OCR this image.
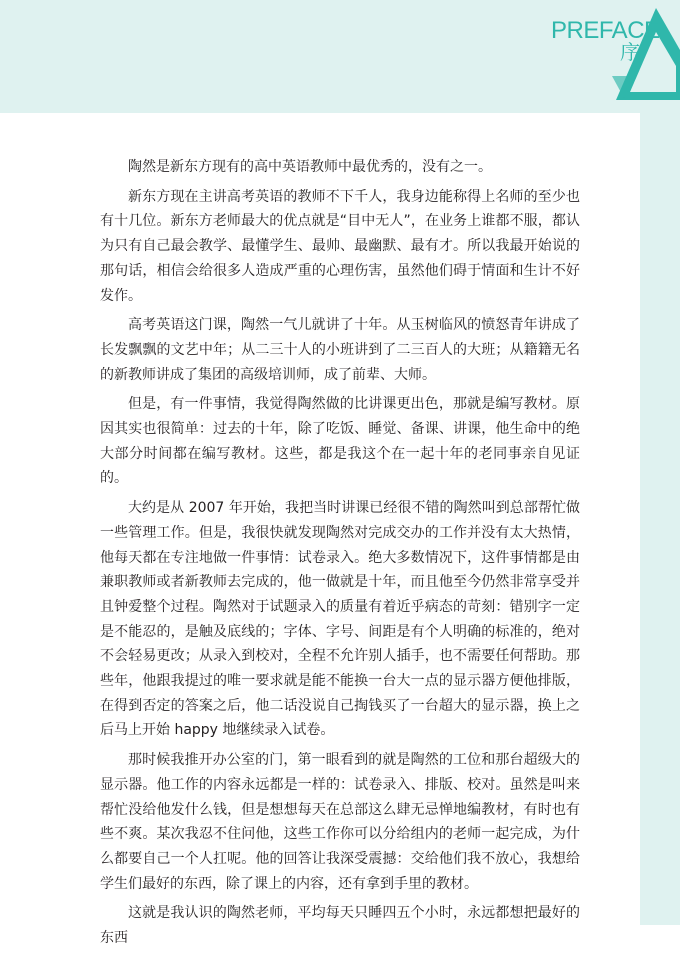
PREFACE
序

陶然是新东方现有的高中英语教师中最优秀的，没有之一。

新东方现在主讲高考英语的教师不下千人，我身边能称得上名师的至少也有十几位。新东方老师最大的优点就是“目中无人”，在业务上谁都不服，都认为只有自己最会教学、最懂学生、最帅、最幽默、最有才。所以我最开始说的那句话，相信会给很多人造成严重的心理伤害，虽然他们碍于情面和生计不好发作。

高考英语这门课，陶然一气儿就讲了十年。从玉树临风的愤怒青年讲成了长发飘飘的文艺中年；从二三十人的小班讲到了二三百人的大班；从籍籍无名的新教师讲成了集团的高级培训师，成了前辈、大师。

但是，有一件事情，我觉得陶然做的比讲课更出色，那就是编写教材。原因其实也很简单：过去的十年，除了吃饭、睡觉、备课、讲课，他生命中的绝大部分时间都在编写教材。这些，都是我这个在一起十年的老同事亲自见证的。

大约是从 2007 年开始，我把当时讲课已经很不错的陶然叫到总部帮忙做一些管理工作。但是，我很快就发现陶然对完成交办的工作并没有太大热情，他每天都在专注地做一件事情：试卷录入。绝大多数情况下，这件事情都是由兼职教师或者新教师去完成的，他一做就是十年，而且他至今仍然非常享受并且钟爱整个过程。陶然对于试题录入的质量有着近乎病态的苛刻：错别字一定是不能忍的，是触及底线的；字体、字号、间距是有个人明确的标准的，绝对不会轻易更改；从录入到校对，全程不允许别人插手，也不需要任何帮助。那些年，他跟我提过的唯一要求就是能不能换一台大一点的显示器方便他排版，在得到否定的答案之后，他二话没说自己掏钱买了一台超大的显示器，换上之后马上开始 happy 地继续录入试卷。

那时候我推开办公室的门，第一眼看到的就是陶然的工位和那台超级大的显示器。他工作的内容永远都是一样的：试卷录入、排版、校对。虽然是叫来帮忙没给他发什么钱，但是想想每天在总部这么肆无忌惮地编教材，有时也有些不爽。某次我忍不住问他，这些工作你可以分给组内的老师一起完成，为什么都要自己一个人扛呢。他的回答让我深受震撼：交给他们我不放心，我想给学生们最好的东西，除了课上的内容，还有拿到手里的教材。

这就是我认识的陶然老师，平均每天只睡四五个小时，永远都想把最好的东西
